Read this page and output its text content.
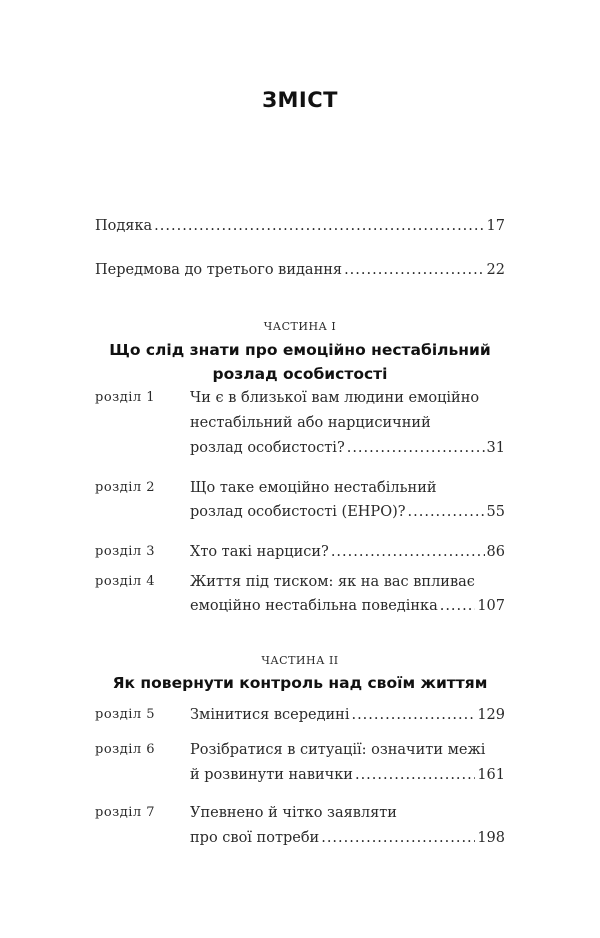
ЗМІСТ
Подяка .....	17
Передмова до третього видання .....	22
ЧАСТИНА I
Що слід знати про емоційно нестабільний
розлад особистості
розділ 1 Чи є в близької вам людини емоційно
нестабільний або нарцисичний
розлад особистості? .....	31
розділ 2 Що таке емоційно нестабільний
розлад особистості (ЕНРО)? .....	55
розділ 3 Хто такі нарциси? .....	86
розділ 4 Життя під тиском: як на вас впливає
емоційно нестабільна поведінка .....	107
ЧАСТИНА II
Як повернути контроль над своїм життям
розділ 5 Змінитися всередині .....	129
розділ 6 Розібратися в ситуації: означити межі
й розвинути навички .....	161
розділ 7 Упевнено й чітко заявляти
про свої потреби .....	198
